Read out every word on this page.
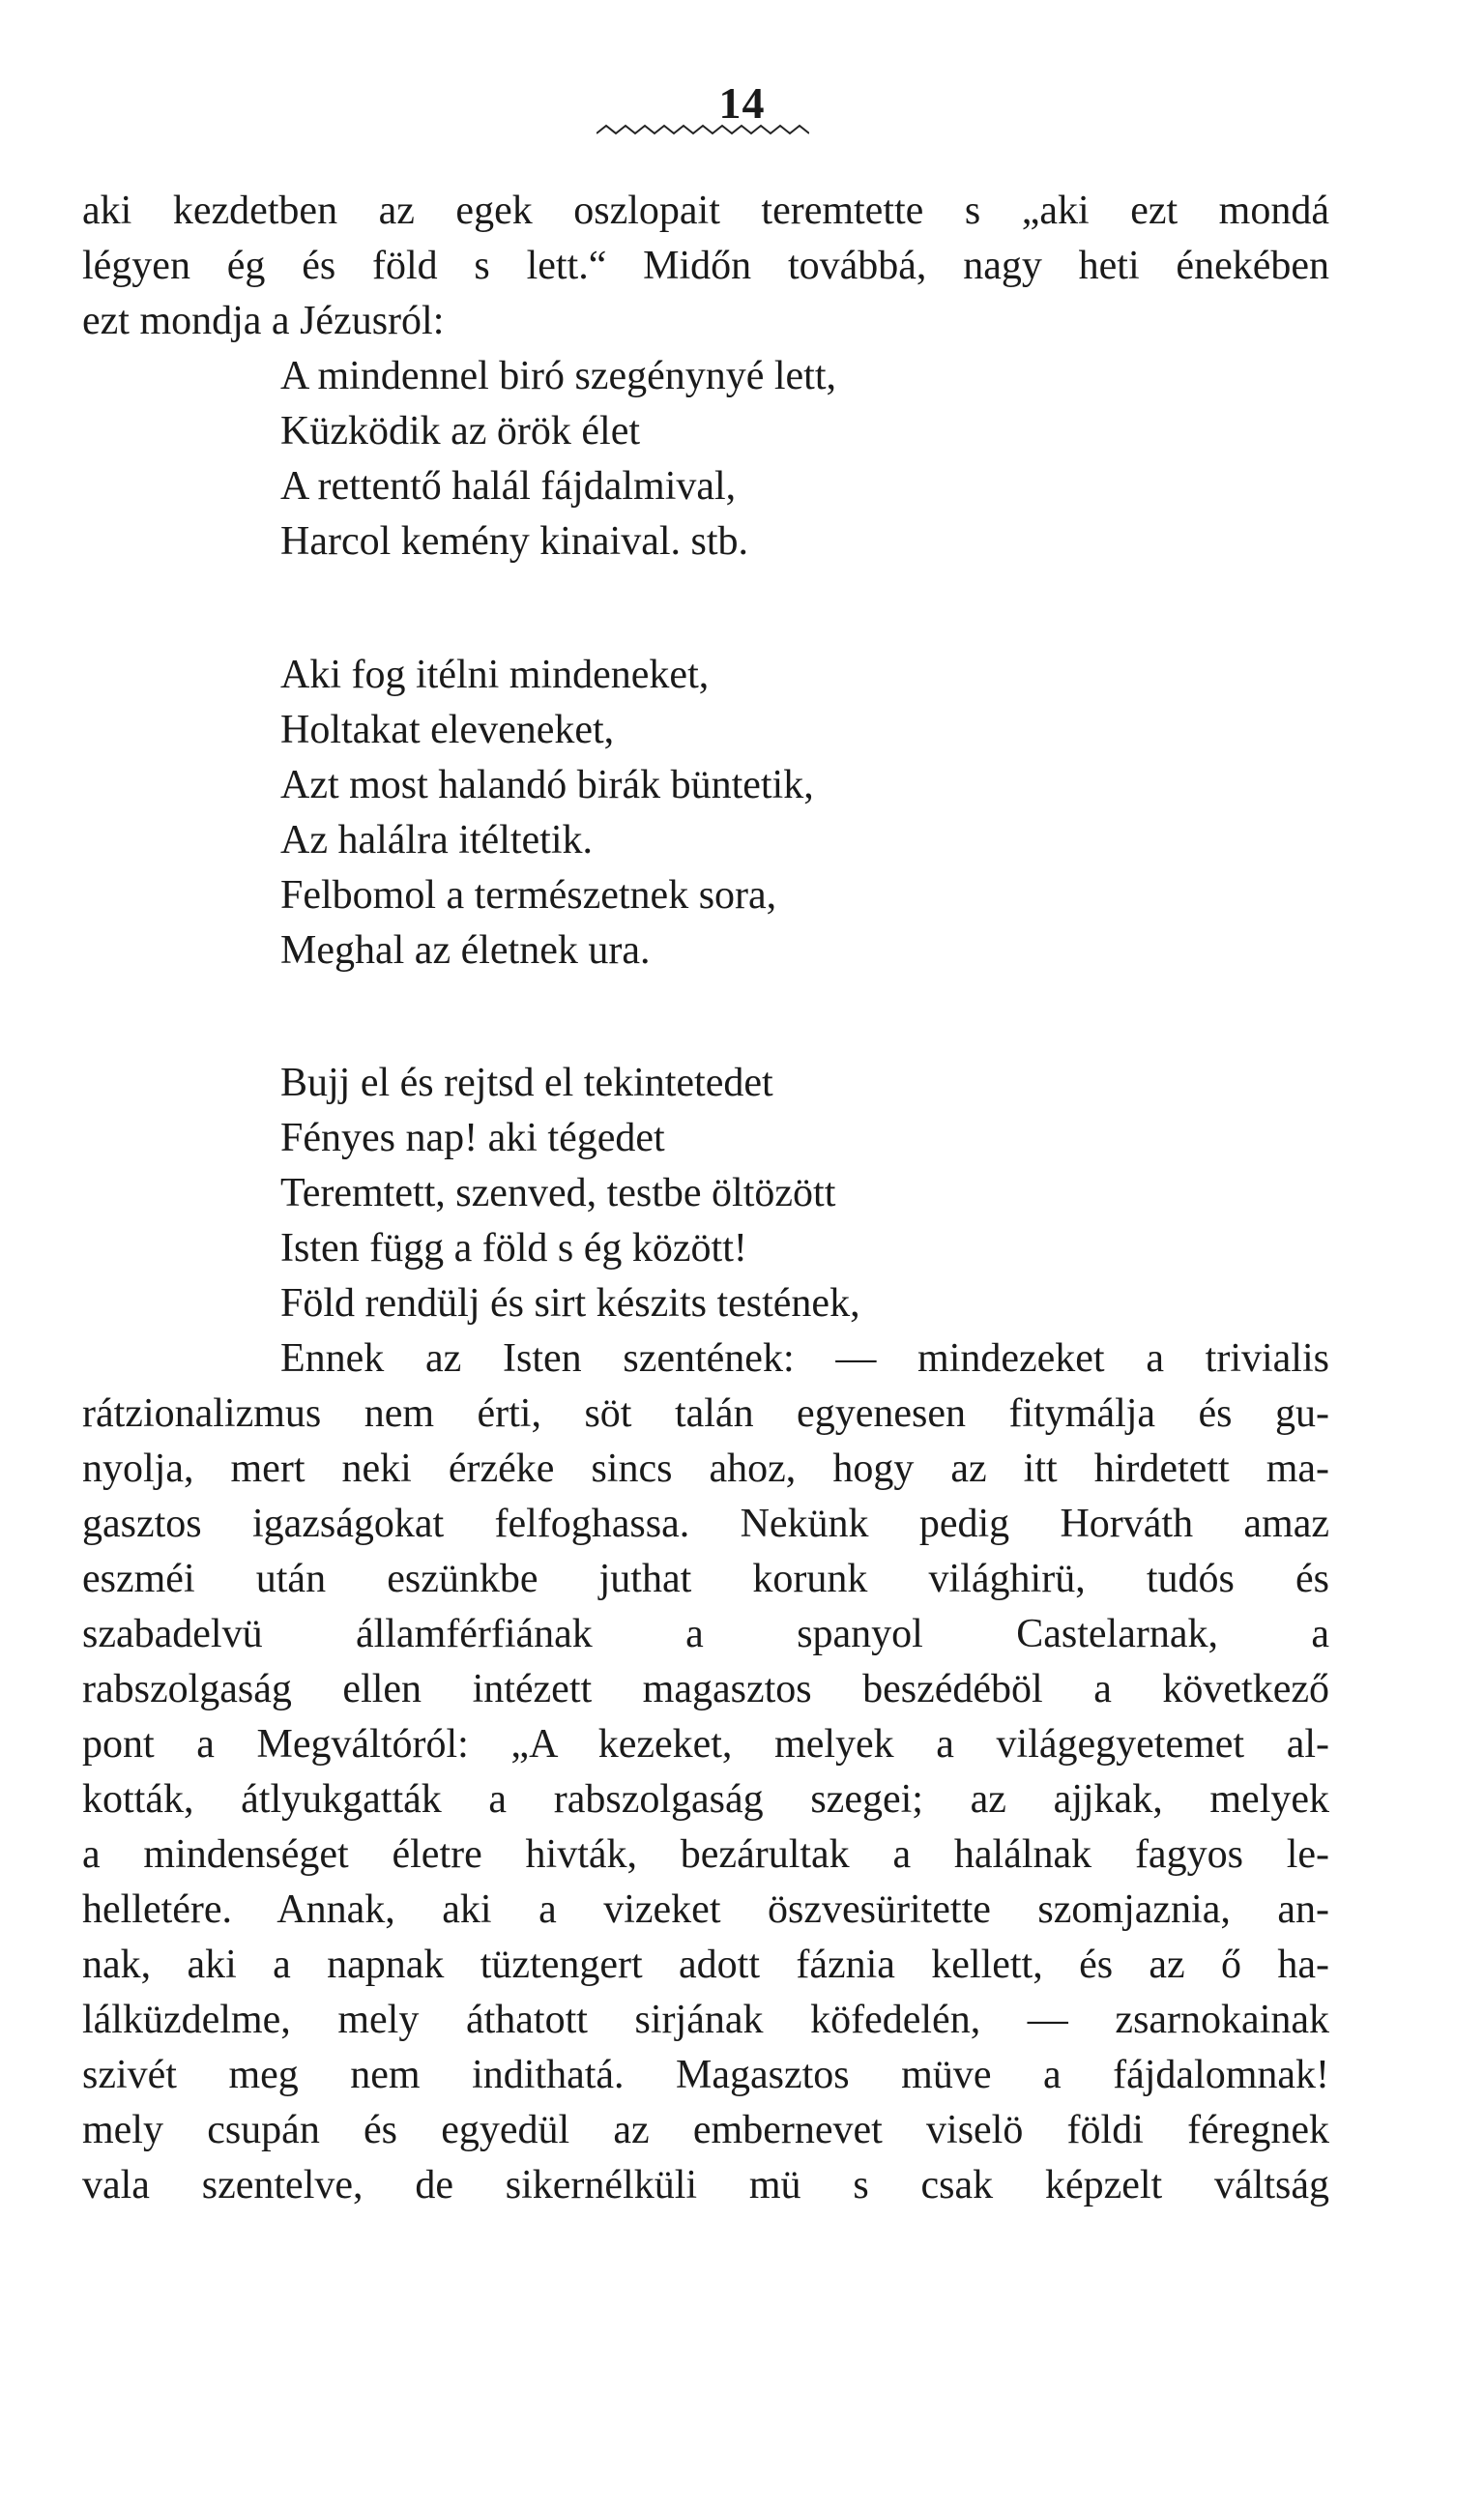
14
aki kezdetben az egek oszlopait teremtette s „aki ezt mondá
légyen ég és föld s lett.“ Midőn továbbá, nagy heti énekében
ezt mondja a Jézusról:
A mindennel biró szegénynyé lett,
Küzködik az örök élet
A rettentő halál fájdalmival,
Harcol kemény kinaival. stb.
Aki fog itélni mindeneket,
Holtakat eleveneket,
Azt most halandó birák büntetik,
Az halálra itéltetik.
Felbomol a természetnek sora,
Meghal az életnek ura.
Bujj el és rejtsd el tekintetedet
Fényes nap! aki tégedet
Teremtett, szenved, testbe öltözött
Isten függ a föld s ég között!
Föld rendülj és sirt készits testének,
Ennek az Isten szentének: — mindezeket a trivialis
rátzionalizmus nem érti, söt talán egyenesen fitymálja és gu-
nyolja, mert neki érzéke sincs ahoz, hogy az itt hirdetett ma-
gasztos igazságokat felfoghassa. Nekünk pedig Horváth amaz
eszméi után eszünkbe juthat korunk világhirü, tudós és
szabadelvü államférfiának a spanyol Castelarnak, a
rabszolgaság ellen intézett magasztos beszédéböl a következő
pont a Megváltóról: „A kezeket, melyek a világegyetemet al-
kották, átlyukgatták a rabszolgaság szegei; az ajjkak, melyek
a mindenséget életre hivták, bezárultak a halálnak fagyos le-
helletére. Annak, aki a vizeket öszvesüritette szomjaznia, an-
nak, aki a napnak tüztengert adott fáznia kellett, és az ő ha-
lálküzdelme, mely áthatott sirjának köfedelén, — zsarnokainak
szivét meg nem indithatá. Magasztos müve a fájdalomnak!
mely csupán és egyedül az embernevet viselö földi féregnek
vala szentelve, de sikernélküli mü s csak képzelt váltság
